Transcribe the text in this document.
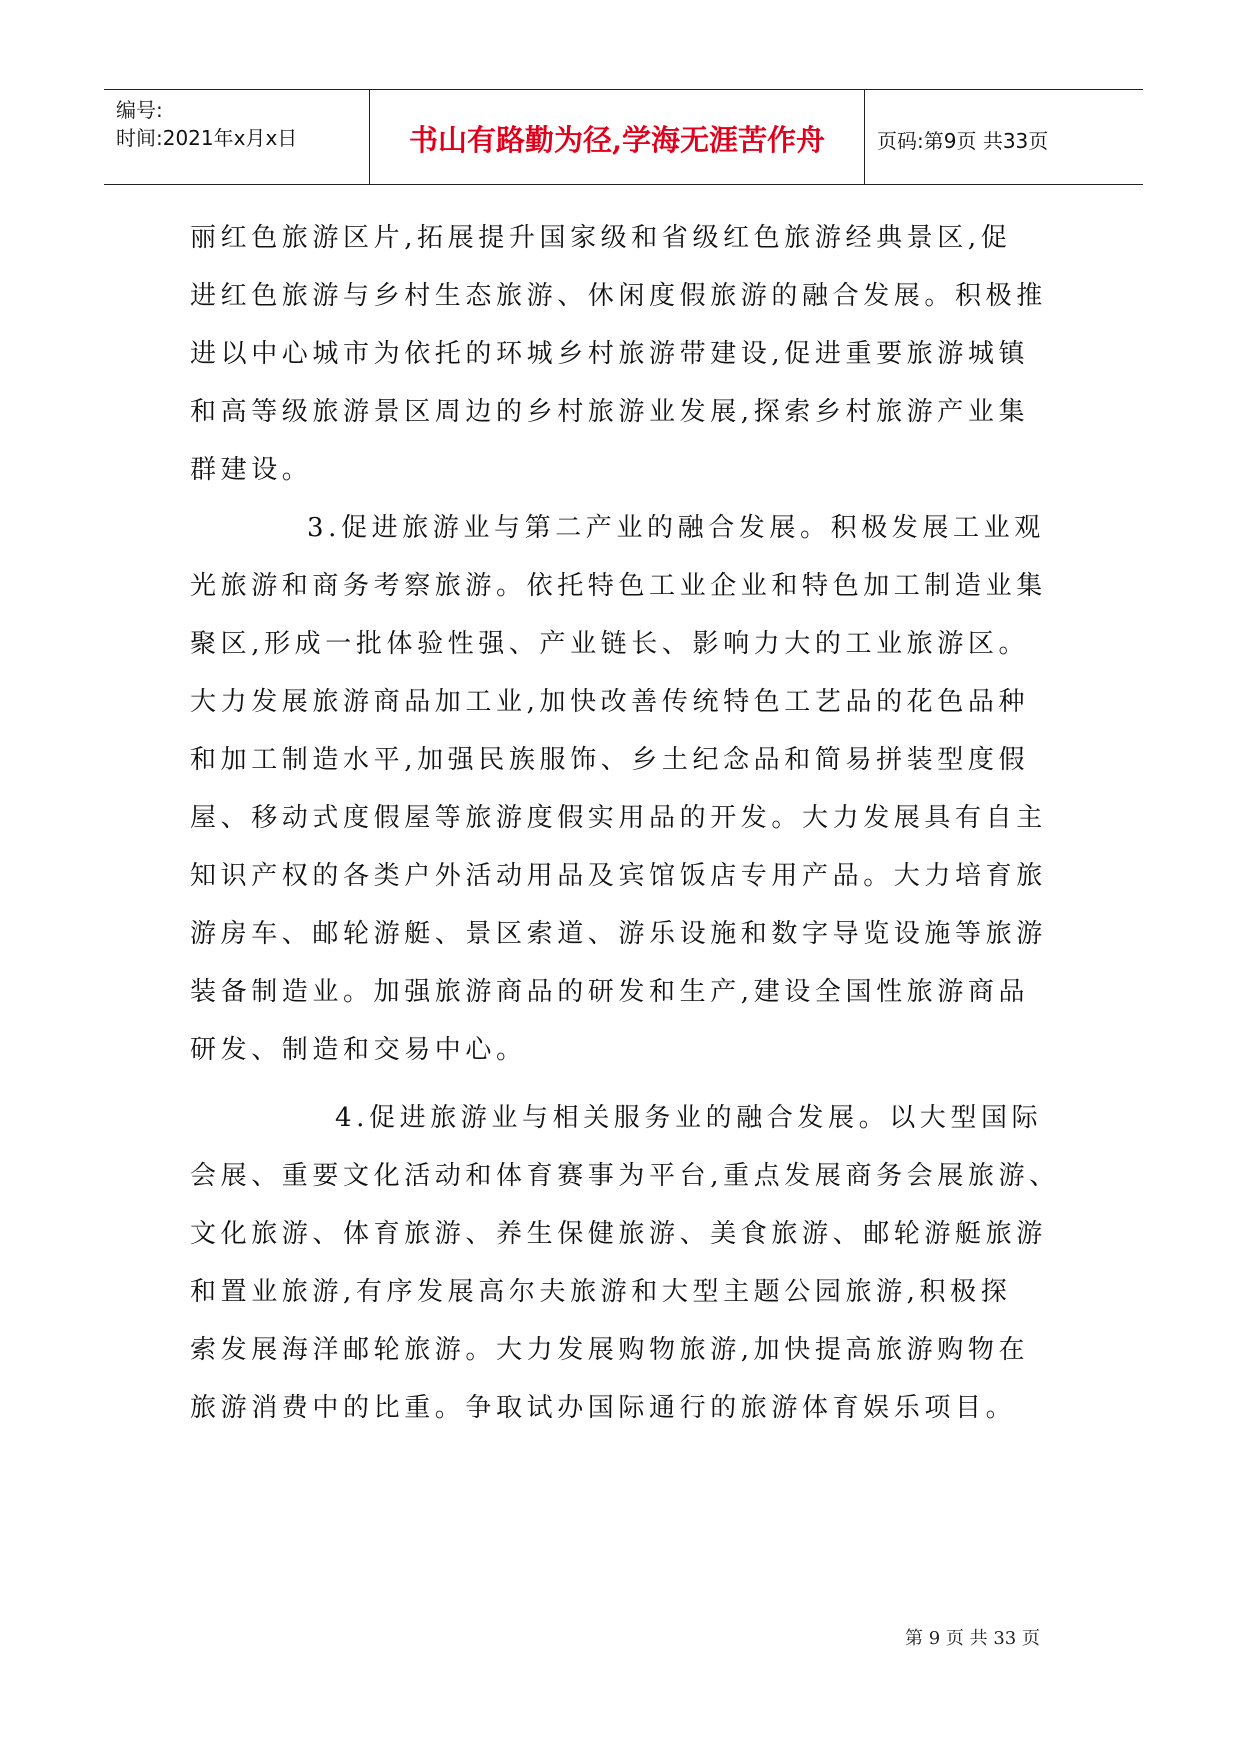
编号:
时间:2021年x月x日	书山有路勤为径,学海无涯苦作舟	页码:第9页 共33页
丽红色旅游区片,拓展提升国家级和省级红色旅游经典景区,促
进红色旅游与乡村生态旅游、休闲度假旅游的融合发展。积极推
进以中心城市为依托的环城乡村旅游带建设,促进重要旅游城镇
和高等级旅游景区周边的乡村旅游业发展,探索乡村旅游产业集
群建设。
3.促进旅游业与第二产业的融合发展。积极发展工业观
光旅游和商务考察旅游。依托特色工业企业和特色加工制造业集
聚区,形成一批体验性强、产业链长、影响力大的工业旅游区。
大力发展旅游商品加工业,加快改善传统特色工艺品的花色品种
和加工制造水平,加强民族服饰、乡土纪念品和简易拼装型度假
屋、移动式度假屋等旅游度假实用品的开发。大力发展具有自主
知识产权的各类户外活动用品及宾馆饭店专用产品。大力培育旅
游房车、邮轮游艇、景区索道、游乐设施和数字导览设施等旅游
装备制造业。加强旅游商品的研发和生产,建设全国性旅游商品
研发、制造和交易中心。
4.促进旅游业与相关服务业的融合发展。以大型国际
会展、重要文化活动和体育赛事为平台,重点发展商务会展旅游、
文化旅游、体育旅游、养生保健旅游、美食旅游、邮轮游艇旅游
和置业旅游,有序发展高尔夫旅游和大型主题公园旅游,积极探
索发展海洋邮轮旅游。大力发展购物旅游,加快提高旅游购物在
旅游消费中的比重。争取试办国际通行的旅游体育娱乐项目。
第 9 页 共 33 页
